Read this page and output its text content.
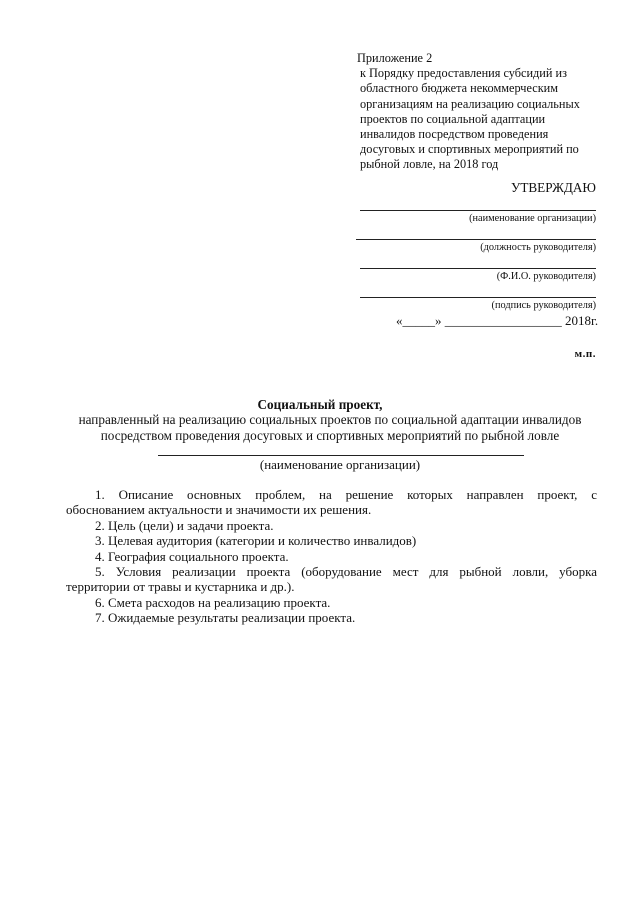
Приложение 2
к Порядку предоставления субсидий из
областного бюджета некоммерческим
организациям на реализацию социальных
проектов по социальной адаптации
инвалидов посредством проведения
досуговых и спортивных мероприятий по
рыбной ловле, на 2018 год
УТВЕРЖДАЮ
(наименование организации)
(должность руководителя)
(Ф.И.О. руководителя)
(подпись руководителя)
«_____» __________________ 2018г.
м.п.
Социальный проект,
направленный на реализацию социальных проектов по социальной адаптации инвалидов
посредством проведения досуговых и спортивных мероприятий по рыбной ловле
(наименование организации)
1. Описание основных проблем, на решение которых направлен проект, с
обоснованием актуальности и значимости их решения.
2. Цель (цели) и задачи проекта.
3. Целевая аудитория (категории и количество инвалидов)
4. География социального проекта.
5. Условия реализации проекта (оборудование мест для рыбной ловли, уборка
территории от травы и кустарника и др.).
6. Смета расходов на реализацию проекта.
7. Ожидаемые результаты реализации проекта.
